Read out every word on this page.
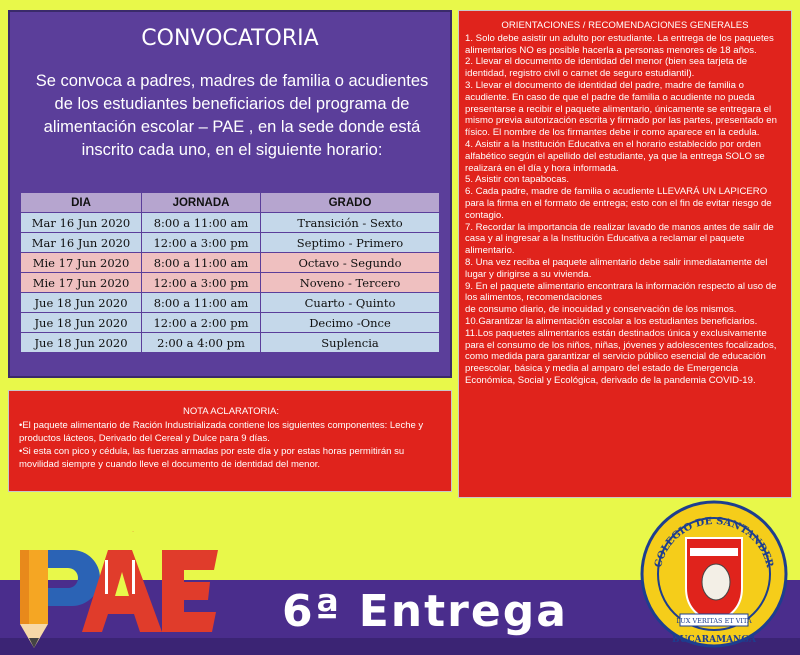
CONVOCATORIA
Se convoca a padres, madres de familia o acudientes de los estudiantes beneficiarios del programa de alimentación escolar – PAE , en la sede donde está inscrito cada uno, en el siguiente horario:
DIA	JORNADA	GRADO
Mar 16 Jun 2020	8:00 a 11:00 am	Transición - Sexto
Mar 16 Jun 2020	12:00 a 3:00 pm	Septimo - Primero
Mie 17 Jun 2020	8:00 a 11:00 am	Octavo - Segundo
Mie 17 Jun 2020	12:00 a 3:00 pm	Noveno - Tercero
Jue 18 Jun 2020	8:00 a 11:00 am	Cuarto - Quinto
Jue 18 Jun 2020	12:00 a 2:00 pm	Decimo -Once
Jue 18 Jun 2020	2:00 a 4:00 pm	Suplencia
NOTA ACLARATORIA:
•El paquete alimentario de Ración Industrializada contiene los siguientes componentes: Leche y productos lácteos, Derivado del Cereal y Dulce para 9 días.
•Si esta con pico y cédula, las fuerzas armadas por este día y por estas horas permitirán su movilidad siempre y cuando lleve el documento de identidad del menor.
ORIENTACIONES / RECOMENDACIONES GENERALES

1. Solo debe asistir un adulto por estudiante. La entrega de los paquetes alimentarios NO es posible hacerla a personas menores de 18 años.

2. Llevar el documento de identidad del menor (bien sea tarjeta de identidad, registro civil o carnet de seguro estudiantil).

3. Llevar el documento de identidad del padre, madre de familia o acudiente. En caso de que el padre de familia o acudiente no pueda presentarse a recibir el paquete alimentario, únicamente se entregara el mismo previa autorización escrita y firmado por las partes, presentado en físico. El nombre de los firmantes debe ir como aparece en la cedula.

4. Asistir a la Institución Educativa en el horario establecido por orden alfabético según el apellido del estudiante, ya que la entrega SOLO se realizará en el día y hora informada.

5. Asistir con tapabocas.

6. Cada padre, madre de familia o acudiente LLEVARÁ UN LAPICERO para la firma en el formato de entrega; esto con el fin de evitar riesgo de contagio.

7. Recordar la importancia de realizar lavado de manos antes de salir de casa y al ingresar a la Institución Educativa a reclamar el paquete alimentario.

8. Una vez reciba el paquete alimentario debe salir inmediatamente del lugar y dirigirse a su vivienda.

9. En el paquete alimentario encontrara la información respecto al uso de los alimentos, recomendaciones

de consumo diario, de inocuidad y conservación de los mismos.

10.Garantizar la alimentación escolar a los estudiantes beneficiarios.

11.Los paquetes alimentarios están destinados única y exclusivamente para el consumo de los niños, niñas, jóvenes y adolescentes focalizados, como medida para garantizar el servicio público esencial de educación preescolar, básica y media al amparo del estado de Emergencia Económica, Social y Ecológica, derivado de la pandemia COVID-19.

6ª Entrega
PAE
COLEGIO DE SANTANDER
LUX VERITAS ET VITA
BUCARAMANGA
